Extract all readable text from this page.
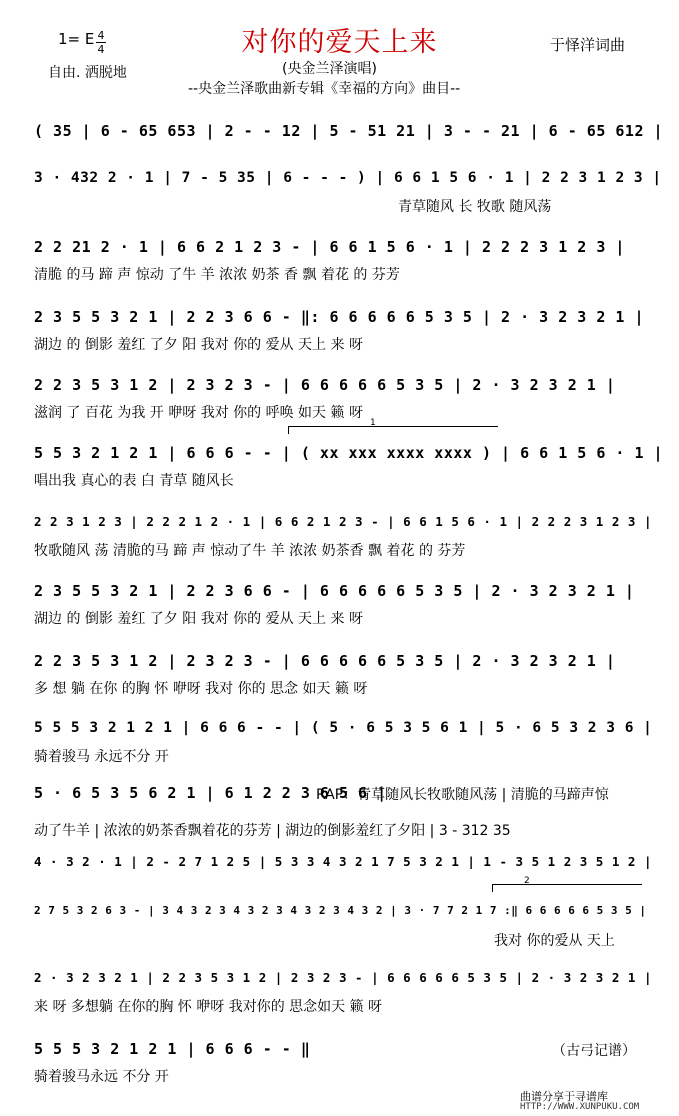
对你的爱天上来
1= E 4
4
自由. 洒脱地
于怿洋词曲
(央金兰泽演唱)
--央金兰泽歌曲新专辑《幸福的方向》曲目--
( 35 | 6 - 65 653 | 2 - - 12 | 5 - 51 21 | 3 - - 21 | 6 - 65 612 |
3 · 432 2 · 1 | 7 - 5 35 | 6 - - - ) | 6 6 1 5 6 · 1 | 2 2 3 1 2 3 |
青草随风 长 牧歌 随风荡
2 2 21 2 · 1 | 6 6 2 1 2 3 - | 6 6 1 5 6 · 1 | 2 2 2 3 1 2 3 |
清脆 的马 蹄 声 惊动 了牛 羊 浓浓 奶茶 香 飘 着花 的 芬芳
2 3 5 5 3 2 1 | 2 2 3 6 6 - ‖: 6 6 6 6 6 5 3 5 | 2 · 3 2 3 2 1 |
湖边 的 倒影 羞红 了夕 阳 我对 你的 爱从 天上 来 呀
2 2 3 5 3 1 2 | 2 3 2 3 - | 6 6 6 6 6 5 3 5 | 2 · 3 2 3 2 1 |
滋润 了 百花 为我 开 咿呀 我对 你的 呼唤 如天 籁 呀
1
5 5 3 2 1 2 1 | 6 6 6 - - | ( xx xxx xxxx xxxx ) | 6 6 1 5 6 · 1 |
唱出我 真心的表 白 青草 随风长
2 2 3 1 2 3 | 2 2 2 1 2 · 1 | 6 6 2 1 2 3 - | 6 6 1 5 6 · 1 | 2 2 2 3 1 2 3 |
牧歌随风 荡 清脆的马 蹄 声 惊动了牛 羊 浓浓 奶茶香 飘 着花 的 芬芳
2 3 5 5 3 2 1 | 2 2 3 6 6 - | 6 6 6 6 6 5 3 5 | 2 · 3 2 3 2 1 |
湖边 的 倒影 羞红 了夕 阳 我对 你的 爱从 天上 来 呀
2 2 3 5 3 1 2 | 2 3 2 3 - | 6 6 6 6 6 5 3 5 | 2 · 3 2 3 2 1 |
多 想 躺 在你 的胸 怀 咿呀 我对 你的 思念 如天 籁 呀
5 5 5 3 2 1 2 1 | 6 6 6 - - | ( 5 · 6 5 3 5 6 1 | 5 · 6 5 3 2 3 6 |
骑着骏马 永远不分 开
5 · 6 5 3 5 6 2 1 | 6 1 2 2 3 6 5 6 |
RAP：青草随风长牧歌随风荡 | 清脆的马蹄声惊
动了牛羊 | 浓浓的奶茶香飘着花的芬芳 | 湖边的倒影羞红了夕阳 | 3 - 312 35
4 · 3 2 · 1 | 2 - 2 7 1 2 5 | 5 3 3 4 3 2 1 7 5 3 2 1 | 1 - 3 5 1 2 3 5 1 2 |
2
2 7 5 3 2 6 3 - | 3 4 3 2 3 4 3 2 3 4 3 2 3 4 3 2 | 3 · 7 7 2 1 7 :‖ 6 6 6 6 6 5 3 5 |
我对 你的爱从 天上
2 · 3 2 3 2 1 | 2 2 3 5 3 1 2 | 2 3 2 3 - | 6 6 6 6 6 5 3 5 | 2 · 3 2 3 2 1 |
来 呀 多想躺 在你的胸 怀 咿呀 我对你的 思念如天 籁 呀
5 5 5 3 2 1 2 1 | 6 6 6 - - ‖
骑着骏马永远 不分 开
（古弓记谱）
曲谱分享于寻谱库
HTTP://WWW.XUNPUKU.COM
